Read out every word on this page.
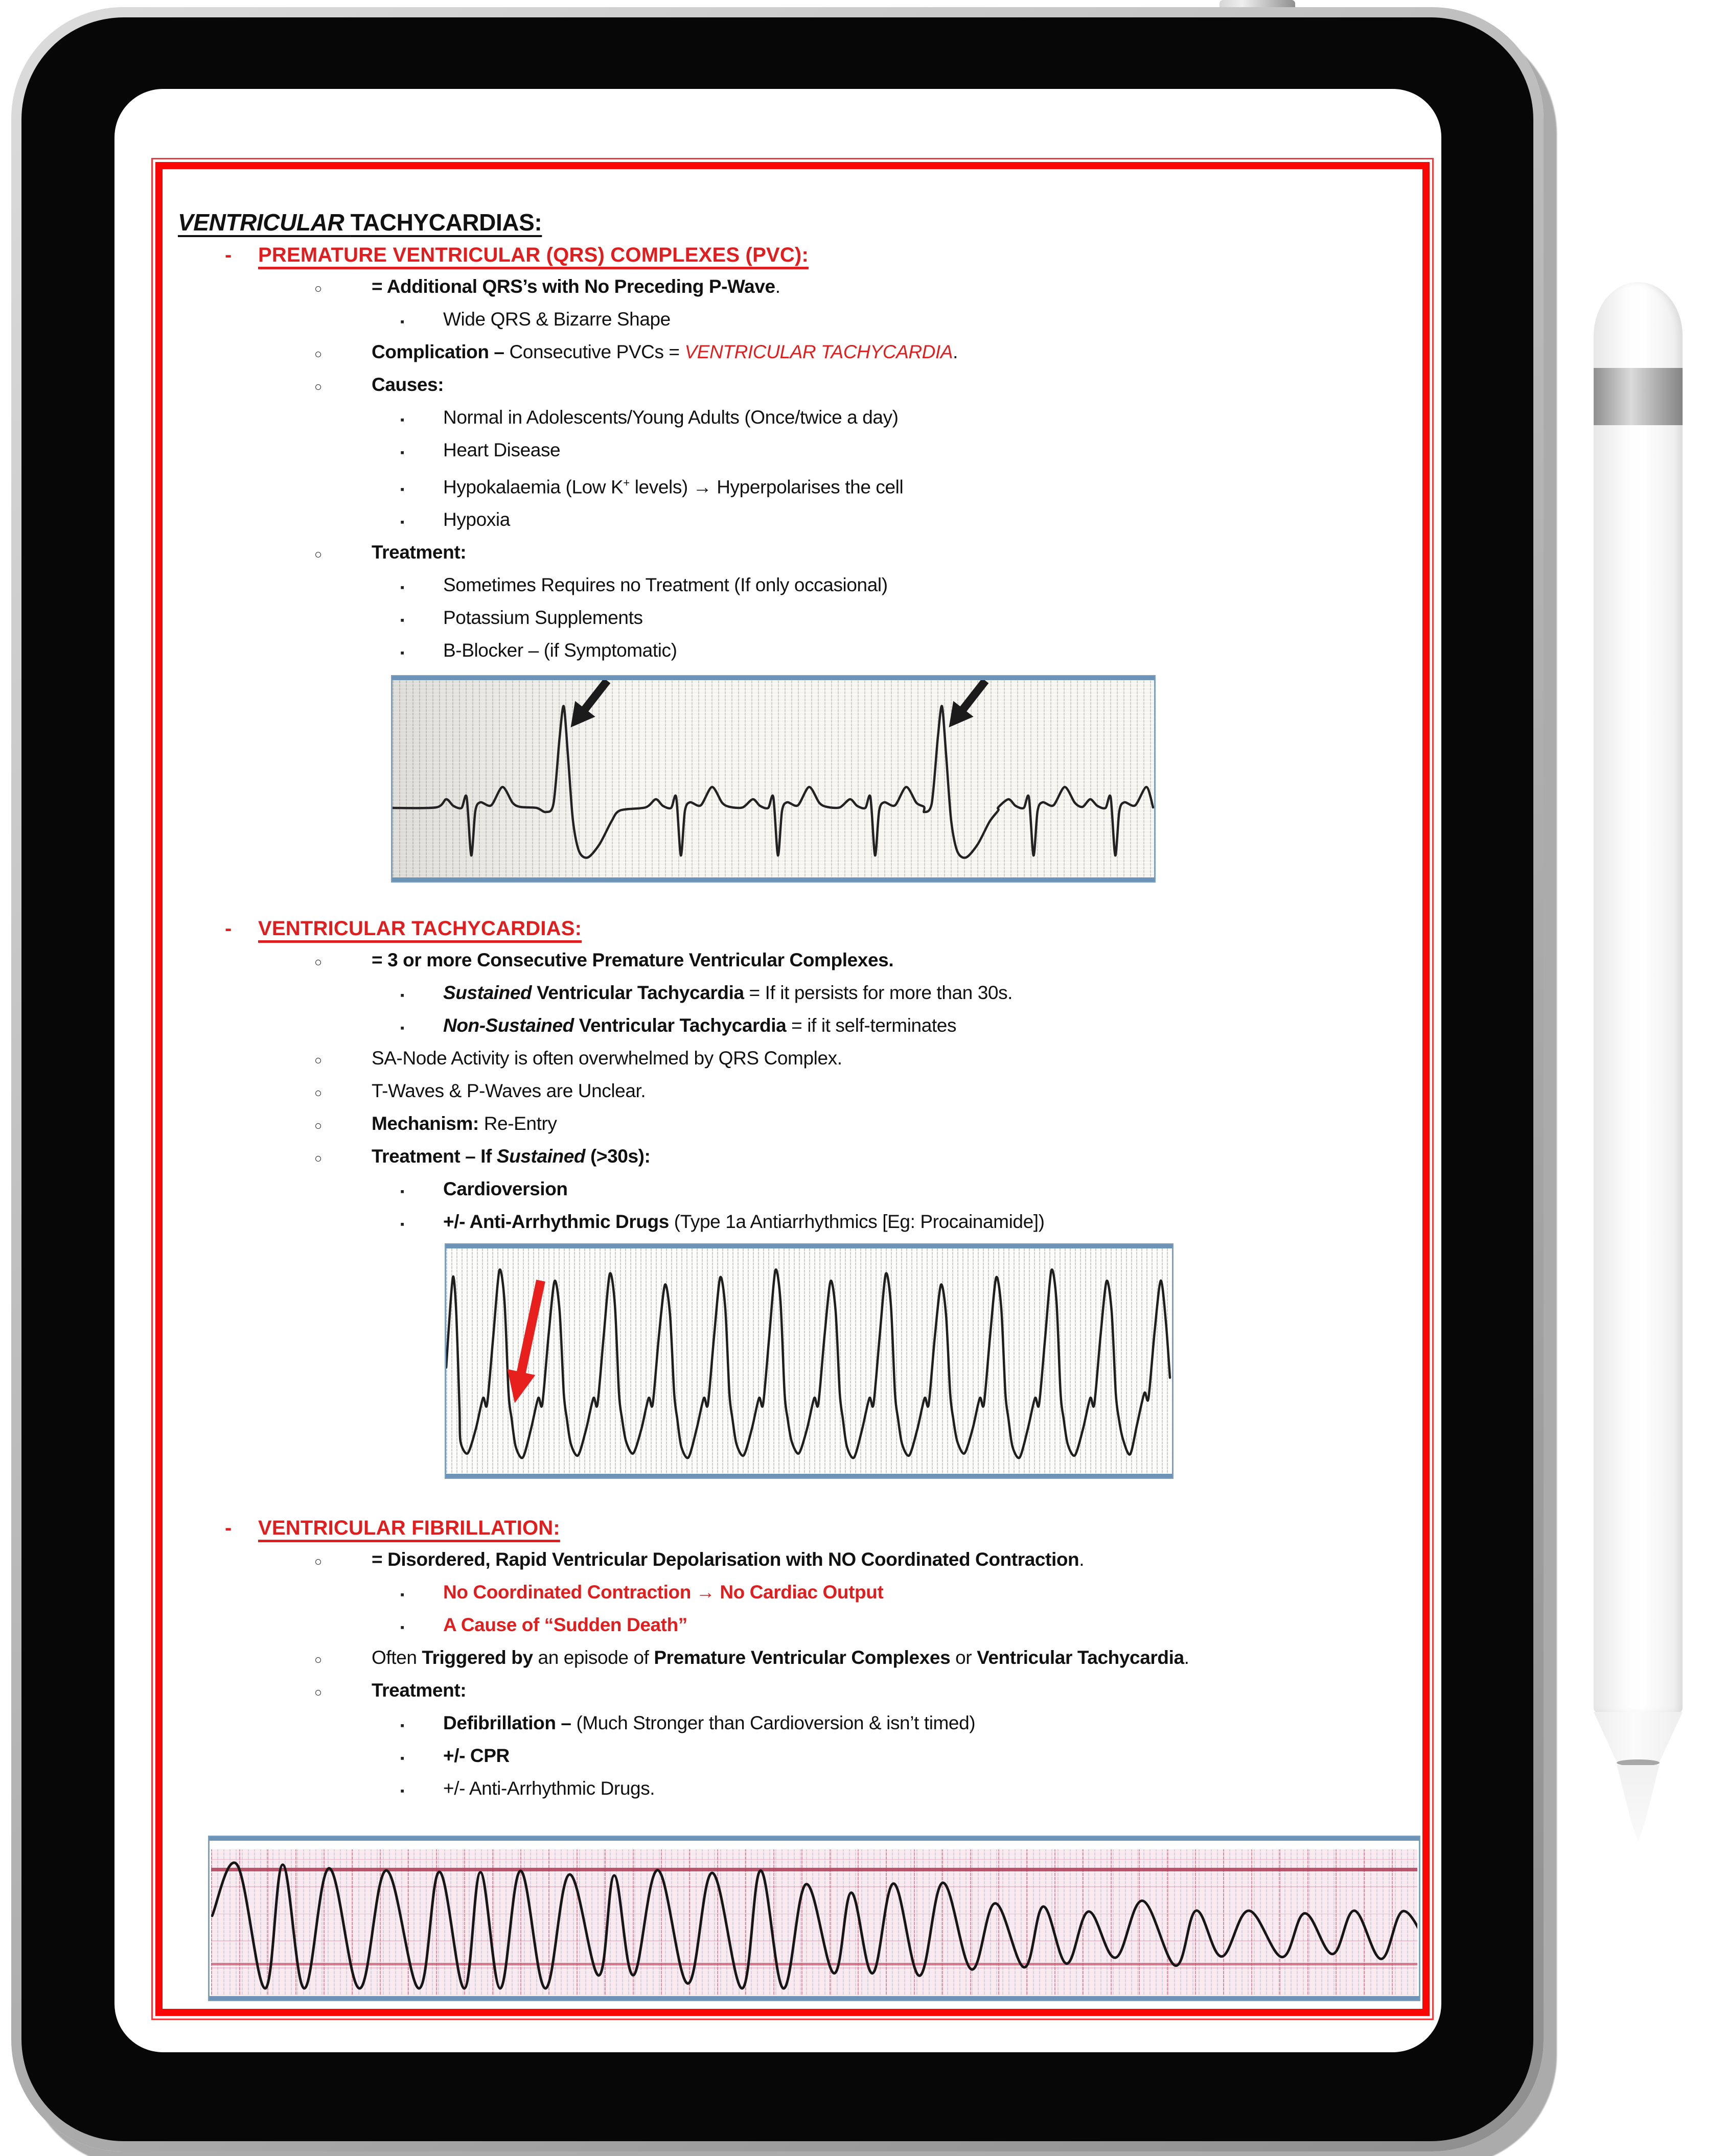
VENTRICULAR TACHYCARDIAS:
-	PREMATURE VENTRICULAR (QRS) COMPLEXES (PVC):
○	= Additional QRS’s with No Preceding P-Wave.
▪	Wide QRS & Bizarre Shape
○	Complication – Consecutive PVCs = VENTRICULAR TACHYCARDIA.
○	Causes:
▪	Normal in Adolescents/Young Adults (Once/twice a day)
▪	Heart Disease
▪	Hypokalaemia (Low K+ levels) → Hyperpolarises the cell
▪	Hypoxia
○	Treatment:
▪	Sometimes Requires no Treatment (If only occasional)
▪	Potassium Supplements
▪	B-Blocker – (if Symptomatic)
-	VENTRICULAR TACHYCARDIAS:
○	= 3 or more Consecutive Premature Ventricular Complexes.
▪	Sustained Ventricular Tachycardia = If it persists for more than 30s.
▪	Non-Sustained Ventricular Tachycardia = if it self-terminates
○	SA-Node Activity is often overwhelmed by QRS Complex.
○	T-Waves & P-Waves are Unclear.
○	Mechanism: Re-Entry
○	Treatment – If Sustained (>30s):
▪	Cardioversion
▪	+/- Anti-Arrhythmic Drugs (Type 1a Antiarrhythmics [Eg: Procainamide])
-	VENTRICULAR FIBRILLATION:
○	= Disordered, Rapid Ventricular Depolarisation with NO Coordinated Contraction.
▪	No Coordinated Contraction → No Cardiac Output
▪	A Cause of “Sudden Death”
○	Often Triggered by an episode of Premature Ventricular Complexes or Ventricular Tachycardia.
○	Treatment:
▪	Defibrillation – (Much Stronger than Cardioversion & isn’t timed)
▪	+/- CPR
▪	+/- Anti-Arrhythmic Drugs.
